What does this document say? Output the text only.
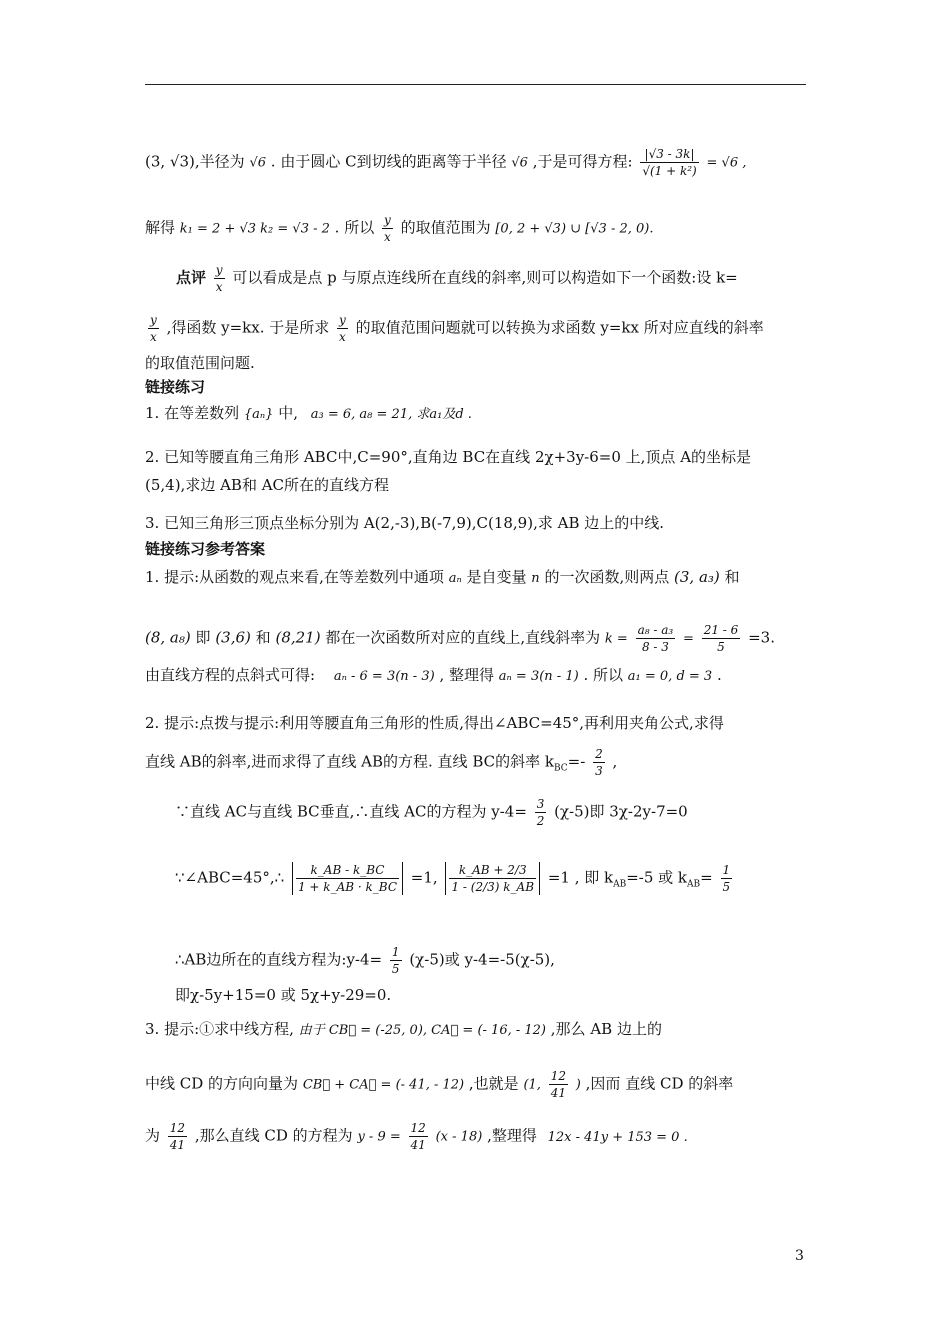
(3, √3),半径为 √6 . 由于圆心 C到切线的距离等于半径 √6 ,于是可得方程: $\frac{|√3 - 3k|}{\text{√(1 + k²)}} = √6$ ,
解得 k₁ = 2 + √3 k₂ = √3 - 2 . 所以 $\frac{y}{x}$ 的取值范围为 [0, 2 + √3) ∪ [√3 - 2, 0).
点评 $\frac{y}{x}$ 可以看成是点 p 与原点连线所在直线的斜率,则可以构造如下一个函数:设 k=
$\frac{y}{x}$ ,得函数 y=kx. 于是所求 $\frac{y}{x}$ 的取值范围问题就可以转换为求函数 y=kx 所对应直线的斜率
的取值范围问题.
链接练习
1. 在等差数列 {aₙ} 中, a₃ = 6, a₈ = 21, 求a₁及d .
2. 已知等腰直角三角形 ABC中,C=90°,直角边 BC在直线 2χ+3y-6=0 上,顶点 A的坐标是
(5,4),求边 AB和 AC所在的直线方程
3. 已知三角形三顶点坐标分别为 A(2,-3),B(-7,9),C(18,9),求 AB 边上的中线.
链接练习参考答案
1. 提示:从函数的观点来看,在等差数列中通项 aₙ 是自变量 n 的一次函数,则两点 (3, a₃) 和
(8, a₈) 即 (3,6) 和 (8,21) 都在一次函数所对应的直线上,直线斜率为 $k = \frac{\text{a₈ - a₃}}{8 - 3} = \frac{21 - 6}{5} =3$.
由直线方程的点斜式可得: aₙ - 6 = 3(n - 3) , 整理得 aₙ = 3(n - 1) . 所以 a₁ = 0, d = 3 .
2. 提示:点拨与提示:利用等腰直角三角形的性质,得出∠ABC=45°,再利用夹角公式,求得
直线 AB的斜率,进而求得了直线 AB的方程. 直线 BC的斜率 $k_{BC}=- \frac{2}{3}$ ,
∵直线 AC与直线 BC垂直,∴直线 AC的方程为 $y-4= \frac{3}{2} (\chi-5)$即 3χ-2y-7=0
∵∠ABC=45°,∴ $\frac{k\_AB - k\_BC}{1 + k\_AB \cdot k\_BC} =1$, $\frac{k\_AB + 2/3}{1 - (2/3) k\_AB} =1$ , 即 $k_{AB}=-5$ 或 $k_{AB}= \frac{1}{5}$
∴AB边所在的直线方程为:y-4= $\frac{1}{5} (\chi-5)$或 y-4=-5(χ-5),
即χ-5y+15=0 或 5χ+y-29=0.
3. 提示:①求中线方程, 由于 CB⃗ = (-25, 0), CA⃗ = (- 16, - 12) ,那么 AB 边上的
中线 CD 的方向向量为 CB⃗ + CA⃗ = (- 41, - 12) ,也就是 (1, $\frac{12}{41}$ ) ,因而 直线 CD 的斜率
为 $\frac{12}{41}$ ,那么直线 CD 的方程为 $y - 9 = \frac{12}{41} (x - 18)$ ,整理得 12x - 41y + 153 = 0 .
3
